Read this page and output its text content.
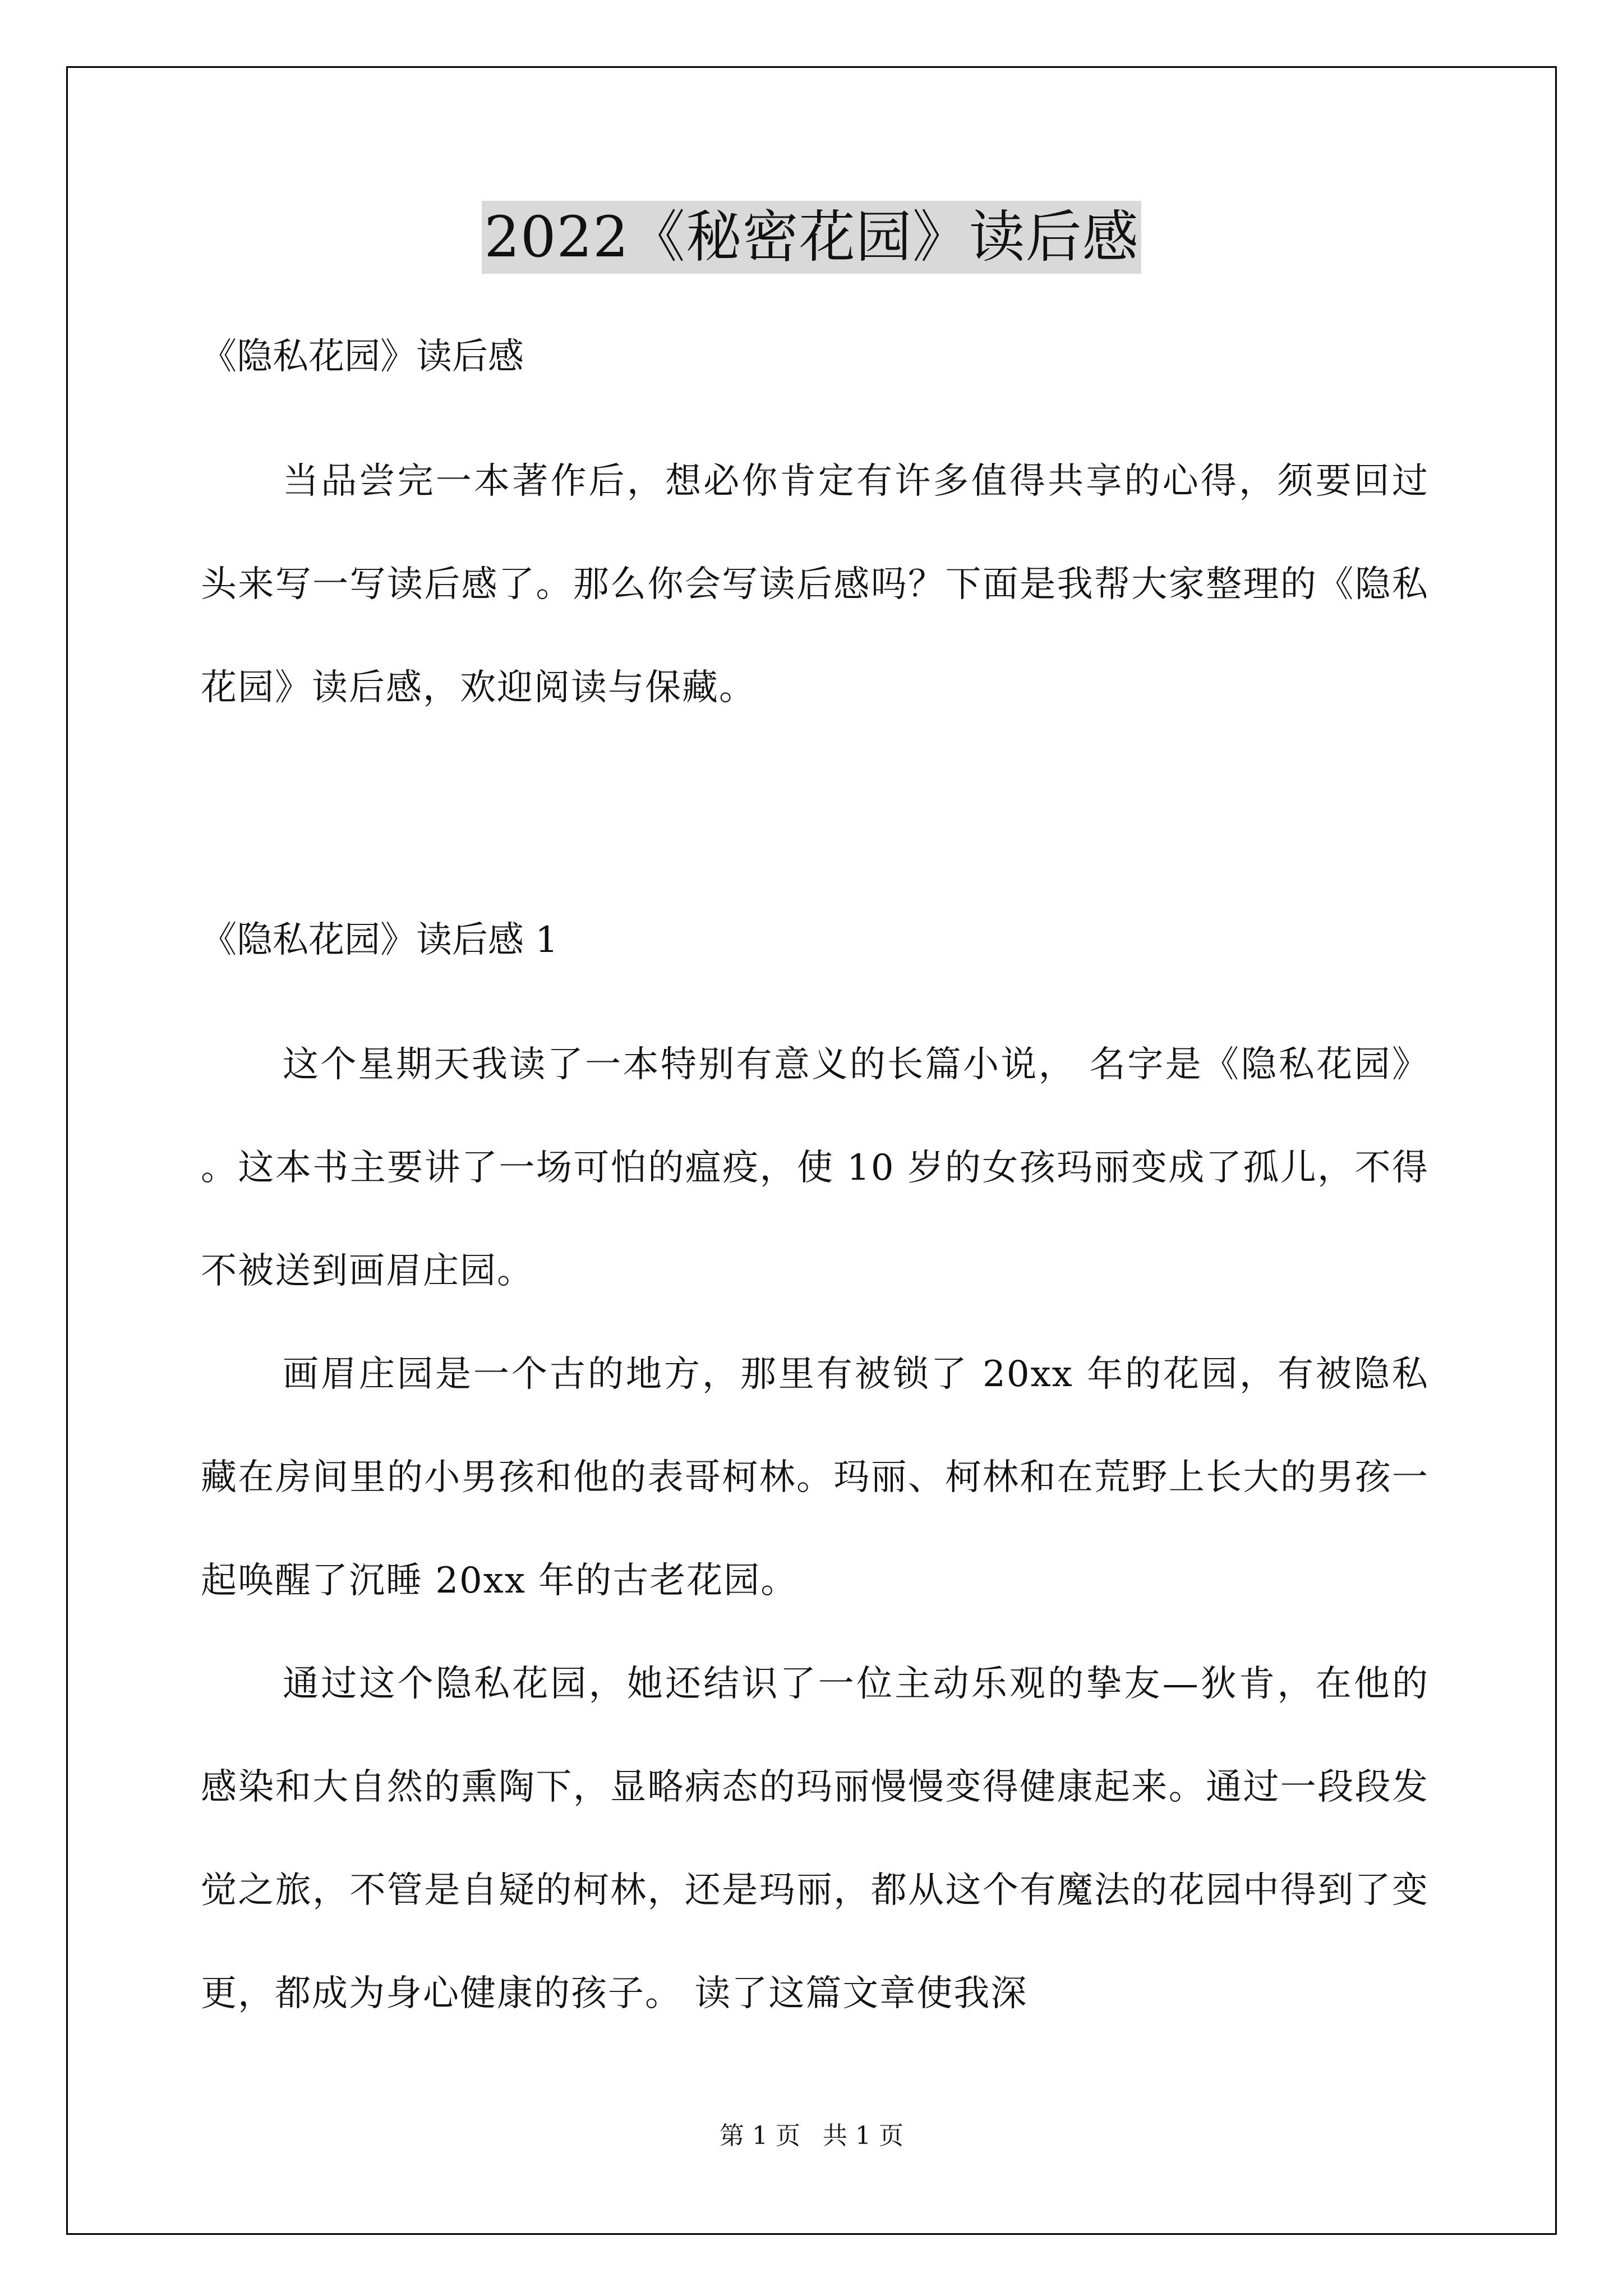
2022《秘密花园》读后感
《隐私花园》读后感

当品尝完一本著作后，想必你肯定有许多值得共享的心得，须要回过头来写一写读后感了。那么你会写读后感吗？下面是我帮大家整理的《隐私花园》读后感，欢迎阅读与保藏。

《隐私花园》读后感 1

这个星期天我读了一本特别有意义的长篇小说， 名字是《隐私花园》 。这本书主要讲了一场可怕的瘟疫，使 10 岁的女孩玛丽变成了孤儿，不得不被送到画眉庄园。

画眉庄园是一个古的地方，那里有被锁了 20xx 年的花园，有被隐私藏在房间里的小男孩和他的表哥柯林。玛丽、柯林和在荒野上长大的男孩一起唤醒了沉睡 20xx 年的古老花园。

通过这个隐私花园，她还结识了一位主动乐观的挚友—狄肯，在他的感染和大自然的熏陶下，显略病态的玛丽慢慢变得健康起来。通过一段段发觉之旅，不管是自疑的柯林，还是玛丽，都从这个有魔法的花园中得到了变更，都成为身心健康的孩子。 读了这篇文章使我深

第 1 页 共 1 页
